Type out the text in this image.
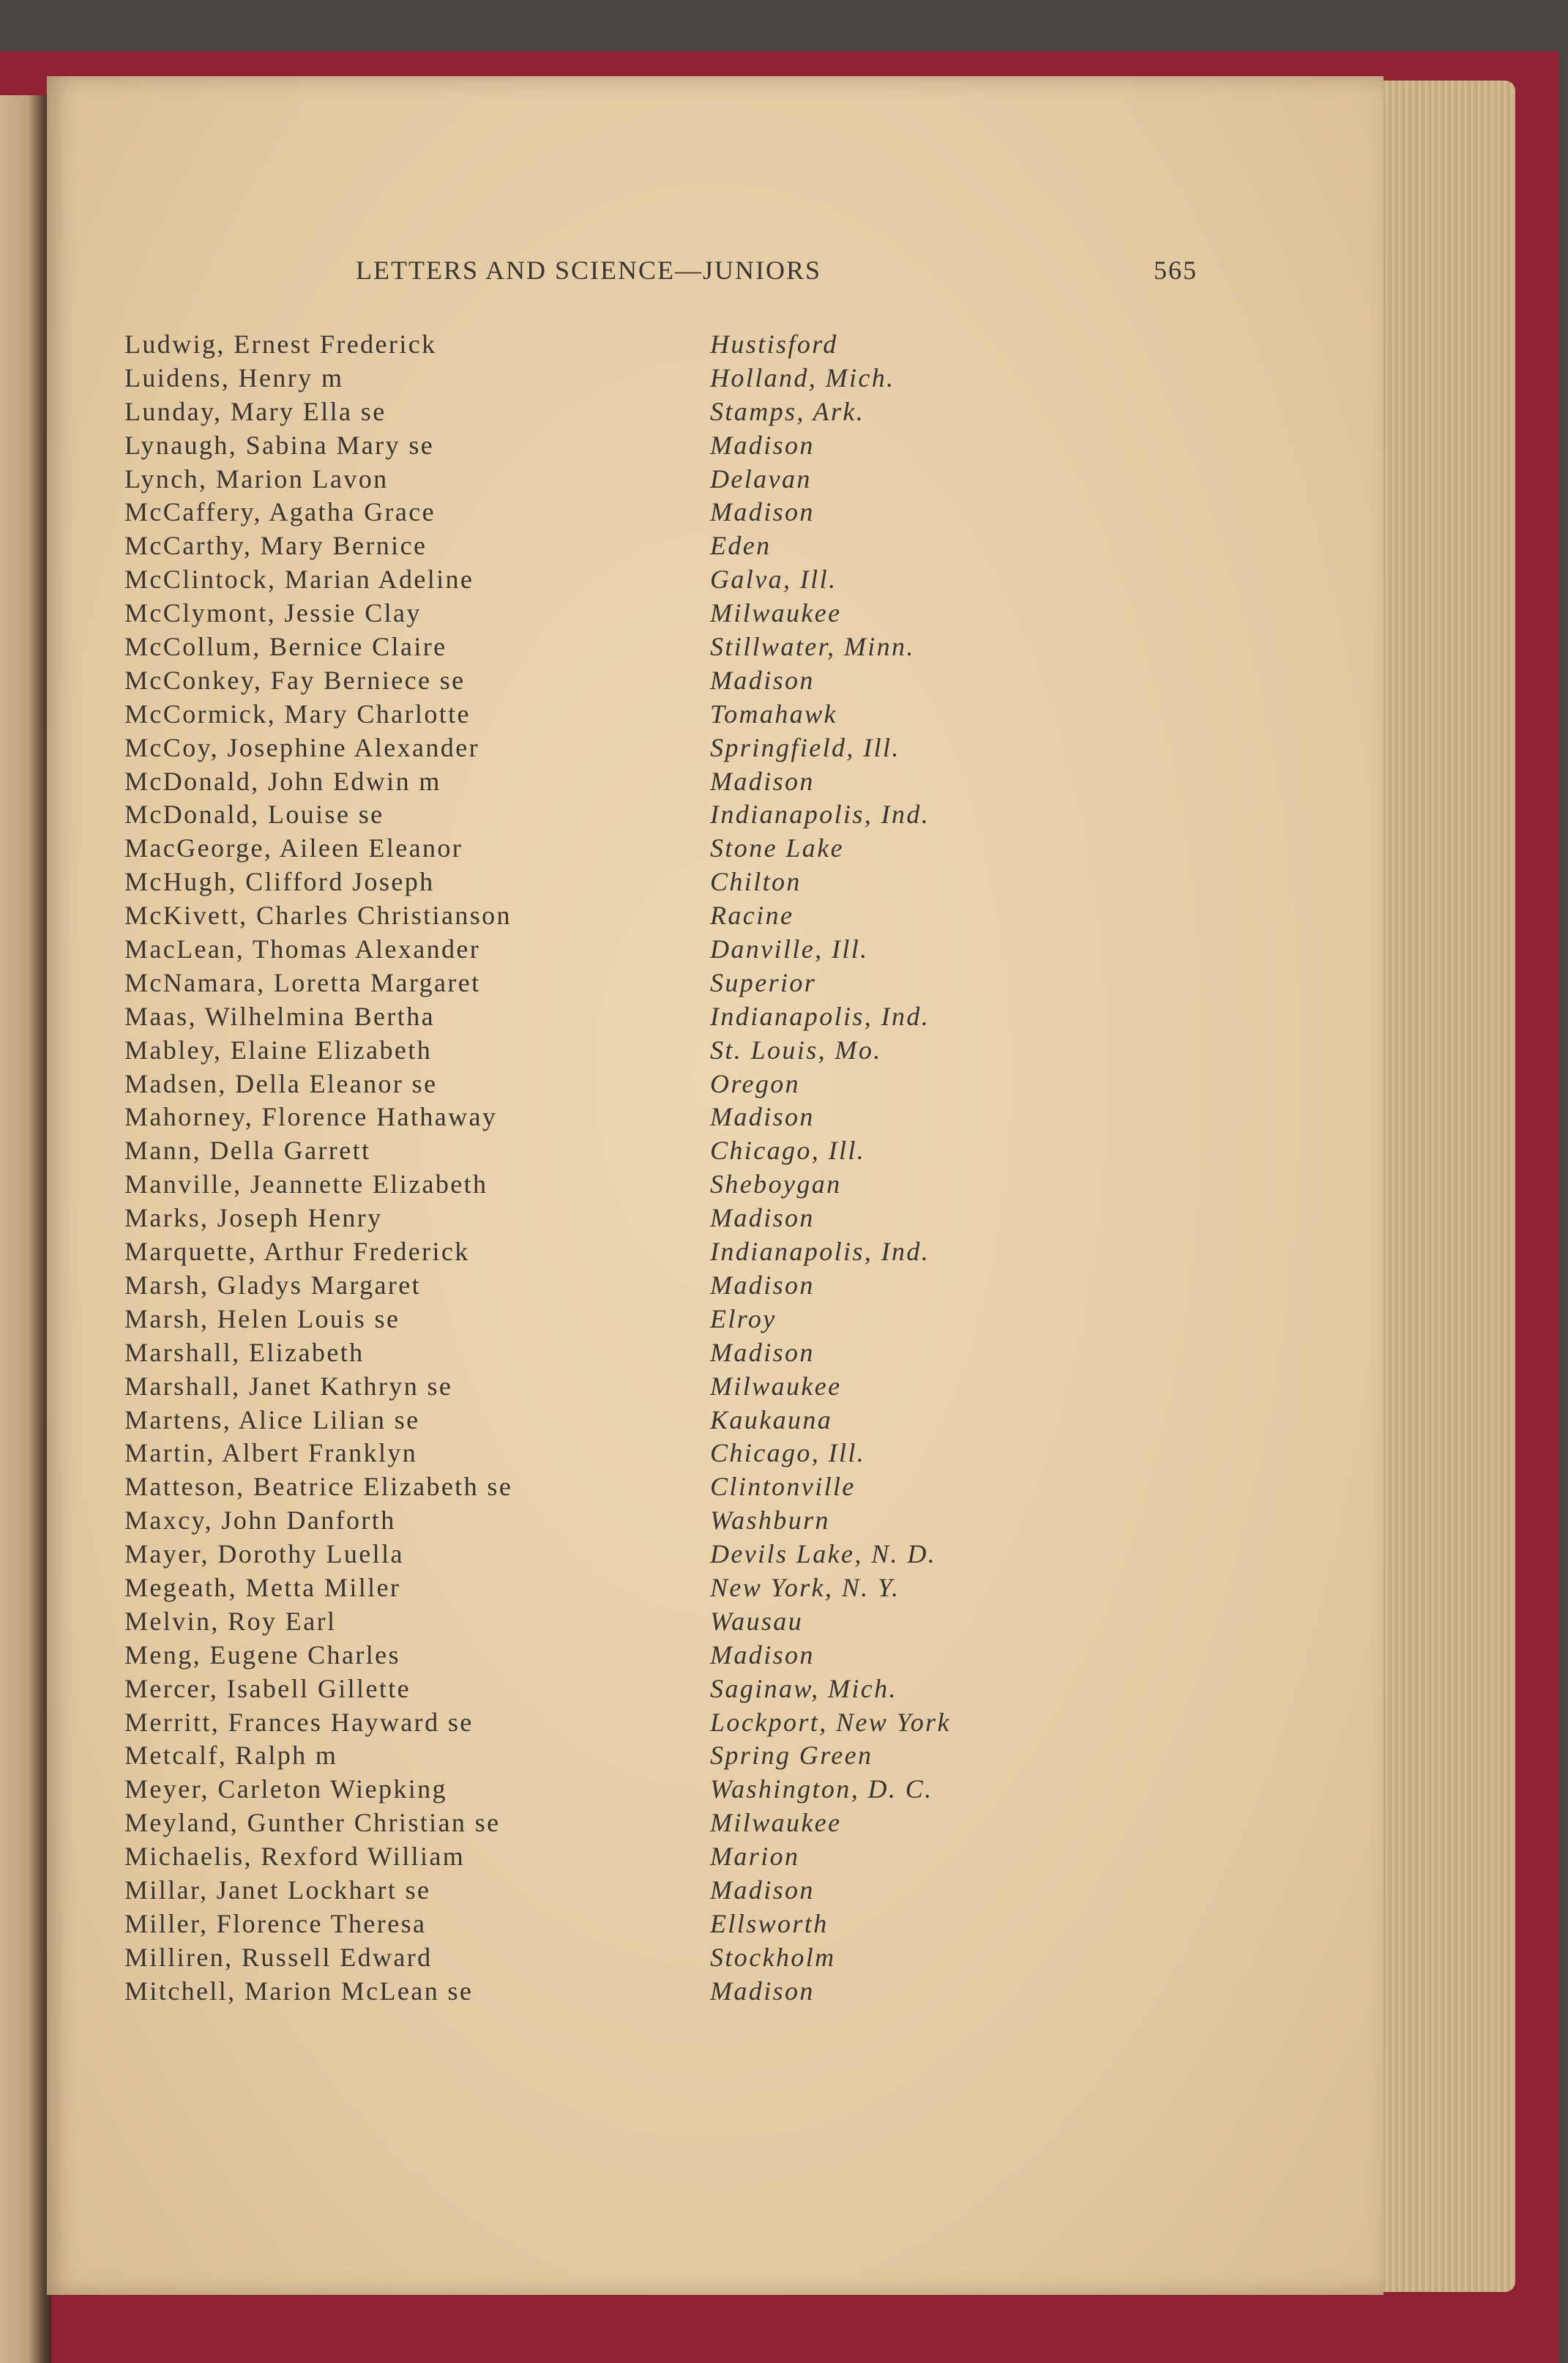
LETTERS AND SCIENCE—JUNIORS	565
Ludwig, Ernest Frederick	Hustisford
Luidens, Henry m	Holland, Mich.
Lunday, Mary Ella se	Stamps, Ark.
Lynaugh, Sabina Mary se	Madison
Lynch, Marion Lavon	Delavan
McCaffery, Agatha Grace	Madison
McCarthy, Mary Bernice	Eden
McClintock, Marian Adeline	Galva, Ill.
McClymont, Jessie Clay	Milwaukee
McCollum, Bernice Claire	Stillwater, Minn.
McConkey, Fay Berniece se	Madison
McCormick, Mary Charlotte	Tomahawk
McCoy, Josephine Alexander	Springfield, Ill.
McDonald, John Edwin m	Madison
McDonald, Louise se	Indianapolis, Ind.
MacGeorge, Aileen Eleanor	Stone Lake
McHugh, Clifford Joseph	Chilton
McKivett, Charles Christianson	Racine
MacLean, Thomas Alexander	Danville, Ill.
McNamara, Loretta Margaret	Superior
Maas, Wilhelmina Bertha	Indianapolis, Ind.
Mabley, Elaine Elizabeth	St. Louis, Mo.
Madsen, Della Eleanor se	Oregon
Mahorney, Florence Hathaway	Madison
Mann, Della Garrett	Chicago, Ill.
Manville, Jeannette Elizabeth	Sheboygan
Marks, Joseph Henry	Madison
Marquette, Arthur Frederick	Indianapolis, Ind.
Marsh, Gladys Margaret	Madison
Marsh, Helen Louis se	Elroy
Marshall, Elizabeth	Madison
Marshall, Janet Kathryn se	Milwaukee
Martens, Alice Lilian se	Kaukauna
Martin, Albert Franklyn	Chicago, Ill.
Matteson, Beatrice Elizabeth se	Clintonville
Maxcy, John Danforth	Washburn
Mayer, Dorothy Luella	Devils Lake, N. D.
Megeath, Metta Miller	New York, N. Y.
Melvin, Roy Earl	Wausau
Meng, Eugene Charles	Madison
Mercer, Isabell Gillette	Saginaw, Mich.
Merritt, Frances Hayward se	Lockport, New York
Metcalf, Ralph m	Spring Green
Meyer, Carleton Wiepking	Washington, D. C.
Meyland, Gunther Christian se	Milwaukee
Michaelis, Rexford William	Marion
Millar, Janet Lockhart se	Madison
Miller, Florence Theresa	Ellsworth
Milliren, Russell Edward	Stockholm
Mitchell, Marion McLean se	Madison
